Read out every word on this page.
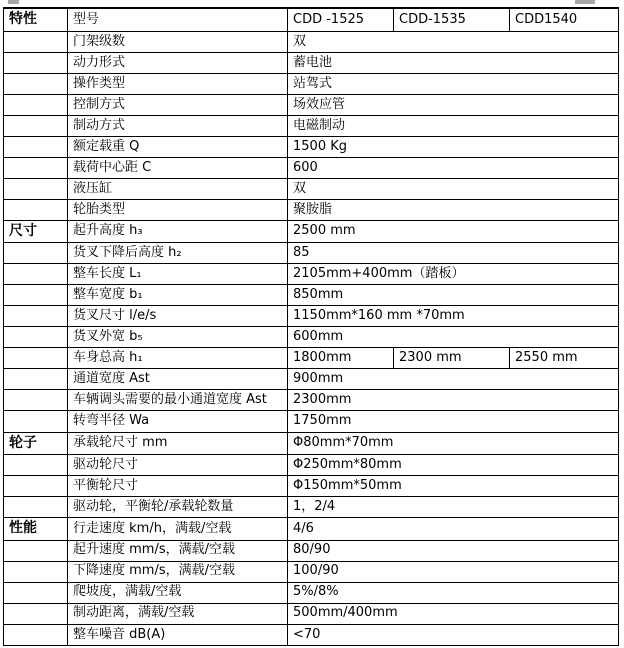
特性	型号	CDD -1525	CDD-1535	CDD1540
	门架级数	双		
	动力形式	蓄电池		
	操作类型	站驾式		
	控制方式	场效应管		
	制动方式	电磁制动		
	额定载重 Q	1500 Kg		
	载荷中心距 C	600		
	液压缸	双		
	轮胎类型	聚胺脂		
尺寸	起升高度 h₃	2500 mm		
	货叉下降后高度 h₂	85		
	整车长度 L₁	2105mm+400mm（踏板）		
	整车宽度 b₁	850mm		
	货叉尺寸 l/e/s	1150mm*160 mm *70mm		
	货叉外宽 b₅	600mm		
	车身总高 h₁	1800mm	2300 mm	2550 mm
	通道宽度 Ast	900mm		
	车辆调头需要的最小通道宽度 Ast	2300mm		
	转弯半径 Wa	1750mm		
轮子	承载轮尺寸 mm	Φ80mm*70mm		
	驱动轮尺寸	Φ250mm*80mm		
	平衡轮尺寸	Φ150mm*50mm		
	驱动轮，平衡轮/承载轮数量	1，2/4		
性能	行走速度 km/h，满载/空载	4/6		
	起升速度 mm/s，满载/空载	80/90		
	下降速度 mm/s，满载/空载	100/90		
	爬坡度，满载/空载	5%/8%		
	制动距离，满载/空载	500mm/400mm		
	整车噪音 dB(A)	<70		
